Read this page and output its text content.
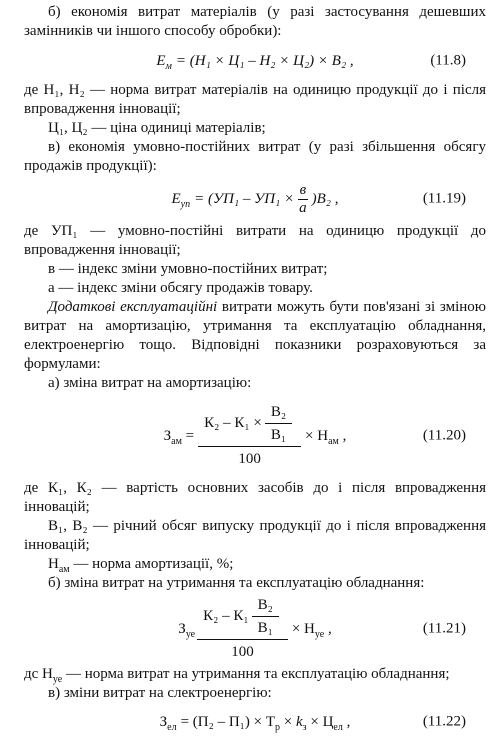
б) економія витрат матеріалів (у разі застосування дешевших замінників чи іншого способу обробки):

$E_м = (H_1 \times Ц_1 - H_2 \times Ц_2) \times B_2$ ,	(11.8)

де Н₁, Н₂ — норма витрат матеріалів на одиницю продукції до і після впровадження інновації;

Ц₁, Ц₂ — ціна одиниці матеріалів;

в) економія умовно-постійних витрат (у разі збільшення обсягу продажів продукції):

$E_{уп} = (УП_1 - УП_1 \times \frac{в}{а} )B_2$ ,	(11.19)

де УП₁ — умовно-постійні витрати на одиницю продукції до впровадження інновації;

в — індекс зміни умовно-постійних витрат;

а — індекс зміни обсягу продажів товару.

Додаткові експлуатаційні витрати можуть бути пов'язані зі зміною витрат на амортизацію, утримання та експлуатацію обладнання, електроенергію тощо. Відповідні показники розраховуються за формулами:

а) зміна витрат на амортизацію:

$З_{ам} = \frac{К_2 - К_1 \times \frac{\text{В₂}}{\text{В₁}}}{100} \times Н_{ам}$ ,	(11.20)

де К₁, К₂ — вартість основних засобів до і після впровадження інновацій;

В₁, В₂ — річний обсяг випуску продукції до і після впровадження інновацій;

$Н_{ам}$ — норма амортизації, %;

б) зміна витрат на утримання та експлуатацію обладнання:

$З_{уе} \frac{К_2 - К_1 \frac{\text{В₂}}{\text{В₁}}}{100} \times Н_{уе}$ ,	(11.21)

дс $Н_{уе}$ — норма витрат на утримання та експлуатацію обладнання;

в) зміни витрат на слектроенергію:

$З_{ел} = (П_2 - П_1) \times Т_р \times k_з \times Ц_{ел}$ ,	(11.22)
